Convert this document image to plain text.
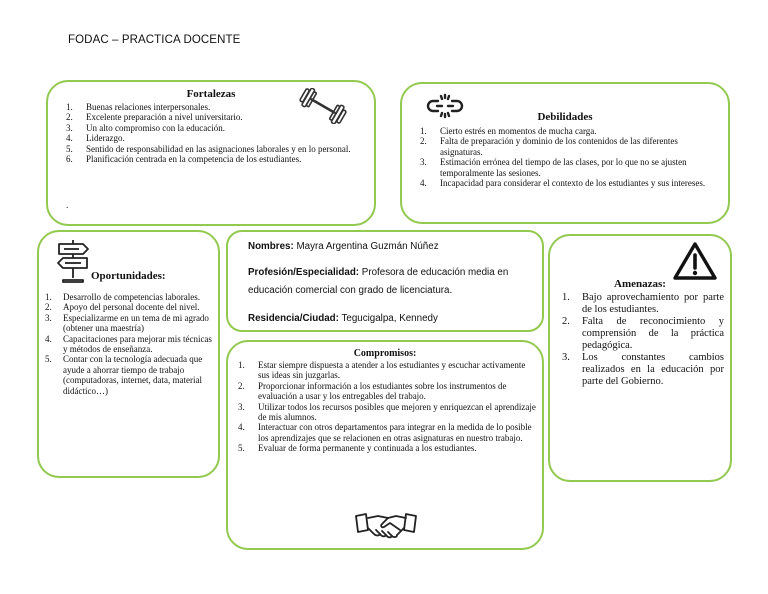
FODAC – PRACTICA DOCENTE
Fortalezas
1.	Buenas relaciones interpersonales.
2.	Excelente preparación a nivel universitario.
3.	Un alto compromiso con la educación.
4.	Liderazgo.
5.	Sentido de responsabilidad en las asignaciones laborales y en lo personal.
6.	Planificación centrada en la competencia de los estudiantes.
.
Debilidades
1.	Cierto estrés en momentos de mucha carga.
2.	Falta de preparación y dominio de los contenidos de las diferentes asignaturas.
3.	Estimación errónea del tiempo de las clases, por lo que no se ajusten temporalmente las sesiones.
4.	Incapacidad para considerar el contexto de los estudiantes y sus intereses.
Oportunidades:
1.	Desarrollo de competencias laborales.
2.	Apoyo del personal docente del nivel.
3.	Especializarme en un tema de mi agrado (obtener una maestría)
4.	Capacitaciones para mejorar mis técnicas y métodos de enseñanza.
5.	Contar con la tecnología adecuada que ayude a ahorrar tiempo de trabajo (computadoras, internet, data, material didáctico…)
Nombres: Mayra Argentina Guzmán Núñez
Profesión/Especialidad: Profesora de educación media en educación comercial con grado de licenciatura.
Residencia/Ciudad: Tegucigalpa, Kennedy
Compromisos:
1.	Estar siempre dispuesta a atender a los estudiantes y escuchar activamente sus ideas sin juzgarlas.
2.	Proporcionar información a los estudiantes sobre los instrumentos de evaluación a usar y los entregables del trabajo.
3.	Utilizar todos los recursos posibles que mejoren y enriquezcan el aprendizaje de mis alumnos.
4.	Interactuar con otros departamentos para integrar en la medida de lo posible los aprendizajes que se relacionen en otras asignaturas en nuestro trabajo.
5.	Evaluar de forma permanente y continuada a los estudiantes.
Amenazas:
1.	Bajo aprovechamiento por parte de los estudiantes.
2.	Falta de reconocimiento y comprensión de la práctica pedagógica.
3.	Los constantes cambios realizados en la educación por parte del Gobierno.
